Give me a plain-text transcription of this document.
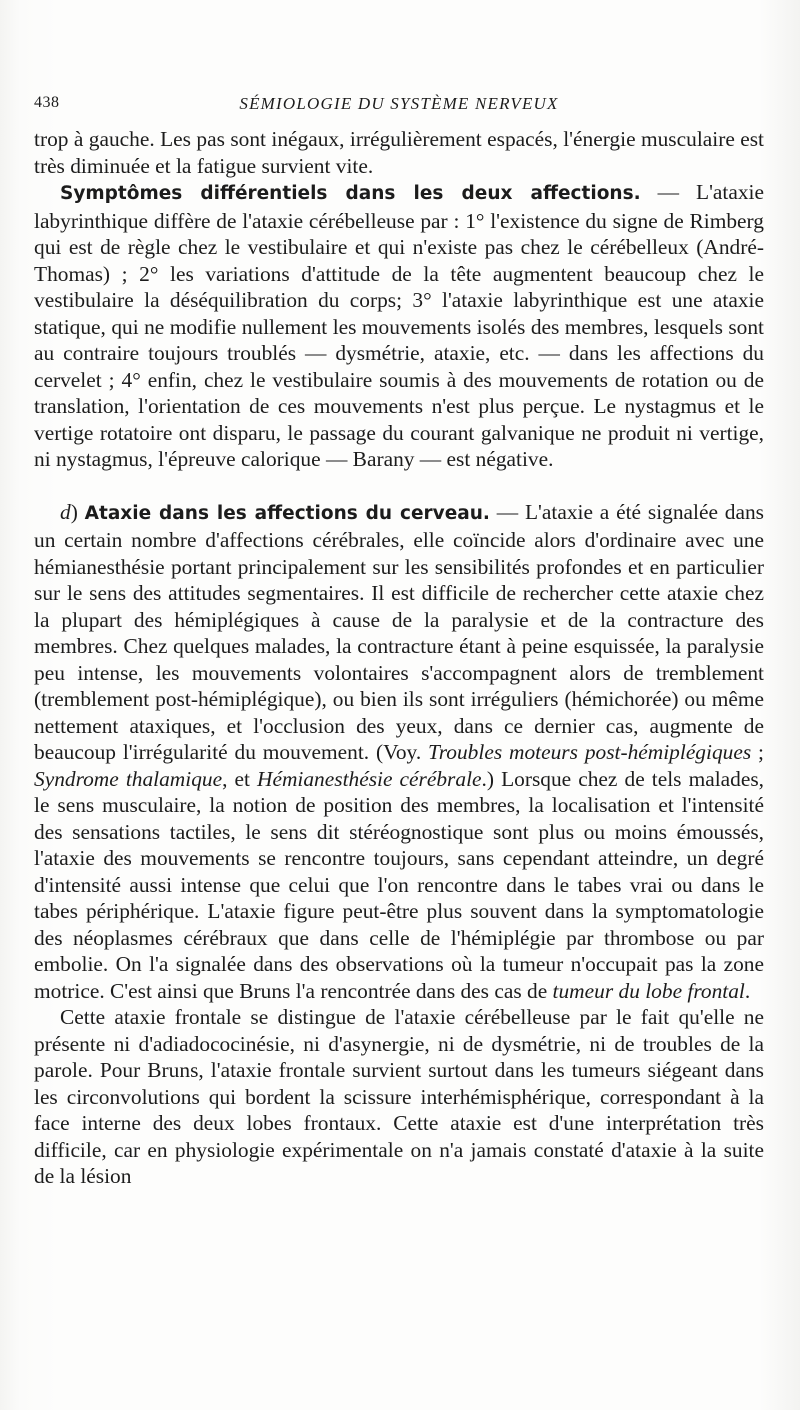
438	SÉMIOLOGIE DU SYSTÈME NERVEUX

trop à gauche. Les pas sont inégaux, irrégulièrement espacés, l'énergie musculaire est très diminuée et la fatigue survient vite.

Symptômes différentiels dans les deux affections. — L'ataxie labyrinthique diffère de l'ataxie cérébelleuse par : 1° l'existence du signe de Rimberg qui est de règle chez le vestibulaire et qui n'existe pas chez le cérébelleux (André-Thomas) ; 2° les variations d'attitude de la tête augmentent beaucoup chez le vestibulaire la déséquilibration du corps; 3° l'ataxie labyrinthique est une ataxie statique, qui ne modifie nullement les mouvements isolés des membres, lesquels sont au contraire toujours troublés — dysmétrie, ataxie, etc. — dans les affections du cervelet ; 4° enfin, chez le vestibulaire soumis à des mouvements de rotation ou de translation, l'orientation de ces mouvements n'est plus perçue. Le nystagmus et le vertige rotatoire ont disparu, le passage du courant galvanique ne produit ni vertige, ni nystagmus, l'épreuve calorique — Barany — est négative.

d) Ataxie dans les affections du cerveau. — L'ataxie a été signalée dans un certain nombre d'affections cérébrales, elle coïncide alors d'ordinaire avec une hémianesthésie portant principalement sur les sensibilités profondes et en particulier sur le sens des attitudes segmentaires. Il est difficile de rechercher cette ataxie chez la plupart des hémiplégiques à cause de la paralysie et de la contracture des membres. Chez quelques malades, la contracture étant à peine esquissée, la paralysie peu intense, les mouvements volontaires s'accompagnent alors de tremblement (tremblement post-hémiplégique), ou bien ils sont irréguliers (hémichorée) ou même nettement ataxiques, et l'occlusion des yeux, dans ce dernier cas, augmente de beaucoup l'irrégularité du mouvement. (Voy. Troubles moteurs post-hémiplégiques ; Syndrome thalamique, et Hémianesthésie cérébrale.) Lorsque chez de tels malades, le sens musculaire, la notion de position des membres, la localisation et l'intensité des sensations tactiles, le sens dit stéréognostique sont plus ou moins émoussés, l'ataxie des mouvements se rencontre toujours, sans cependant atteindre, un degré d'intensité aussi intense que celui que l'on rencontre dans le tabes vrai ou dans le tabes périphérique. L'ataxie figure peut-être plus souvent dans la symptomatologie des néoplasmes cérébraux que dans celle de l'hémiplégie par thrombose ou par embolie. On l'a signalée dans des observations où la tumeur n'occupait pas la zone motrice. C'est ainsi que Bruns l'a rencontrée dans des cas de tumeur du lobe frontal.

Cette ataxie frontale se distingue de l'ataxie cérébelleuse par le fait qu'elle ne présente ni d'adiadococinésie, ni d'asynergie, ni de dysmétrie, ni de troubles de la parole. Pour Bruns, l'ataxie frontale survient surtout dans les tumeurs siégeant dans les circonvolutions qui bordent la scissure interhémisphérique, correspondant à la face interne des deux lobes frontaux. Cette ataxie est d'une interprétation très difficile, car en physiologie expérimentale on n'a jamais constaté d'ataxie à la suite de la lésion
